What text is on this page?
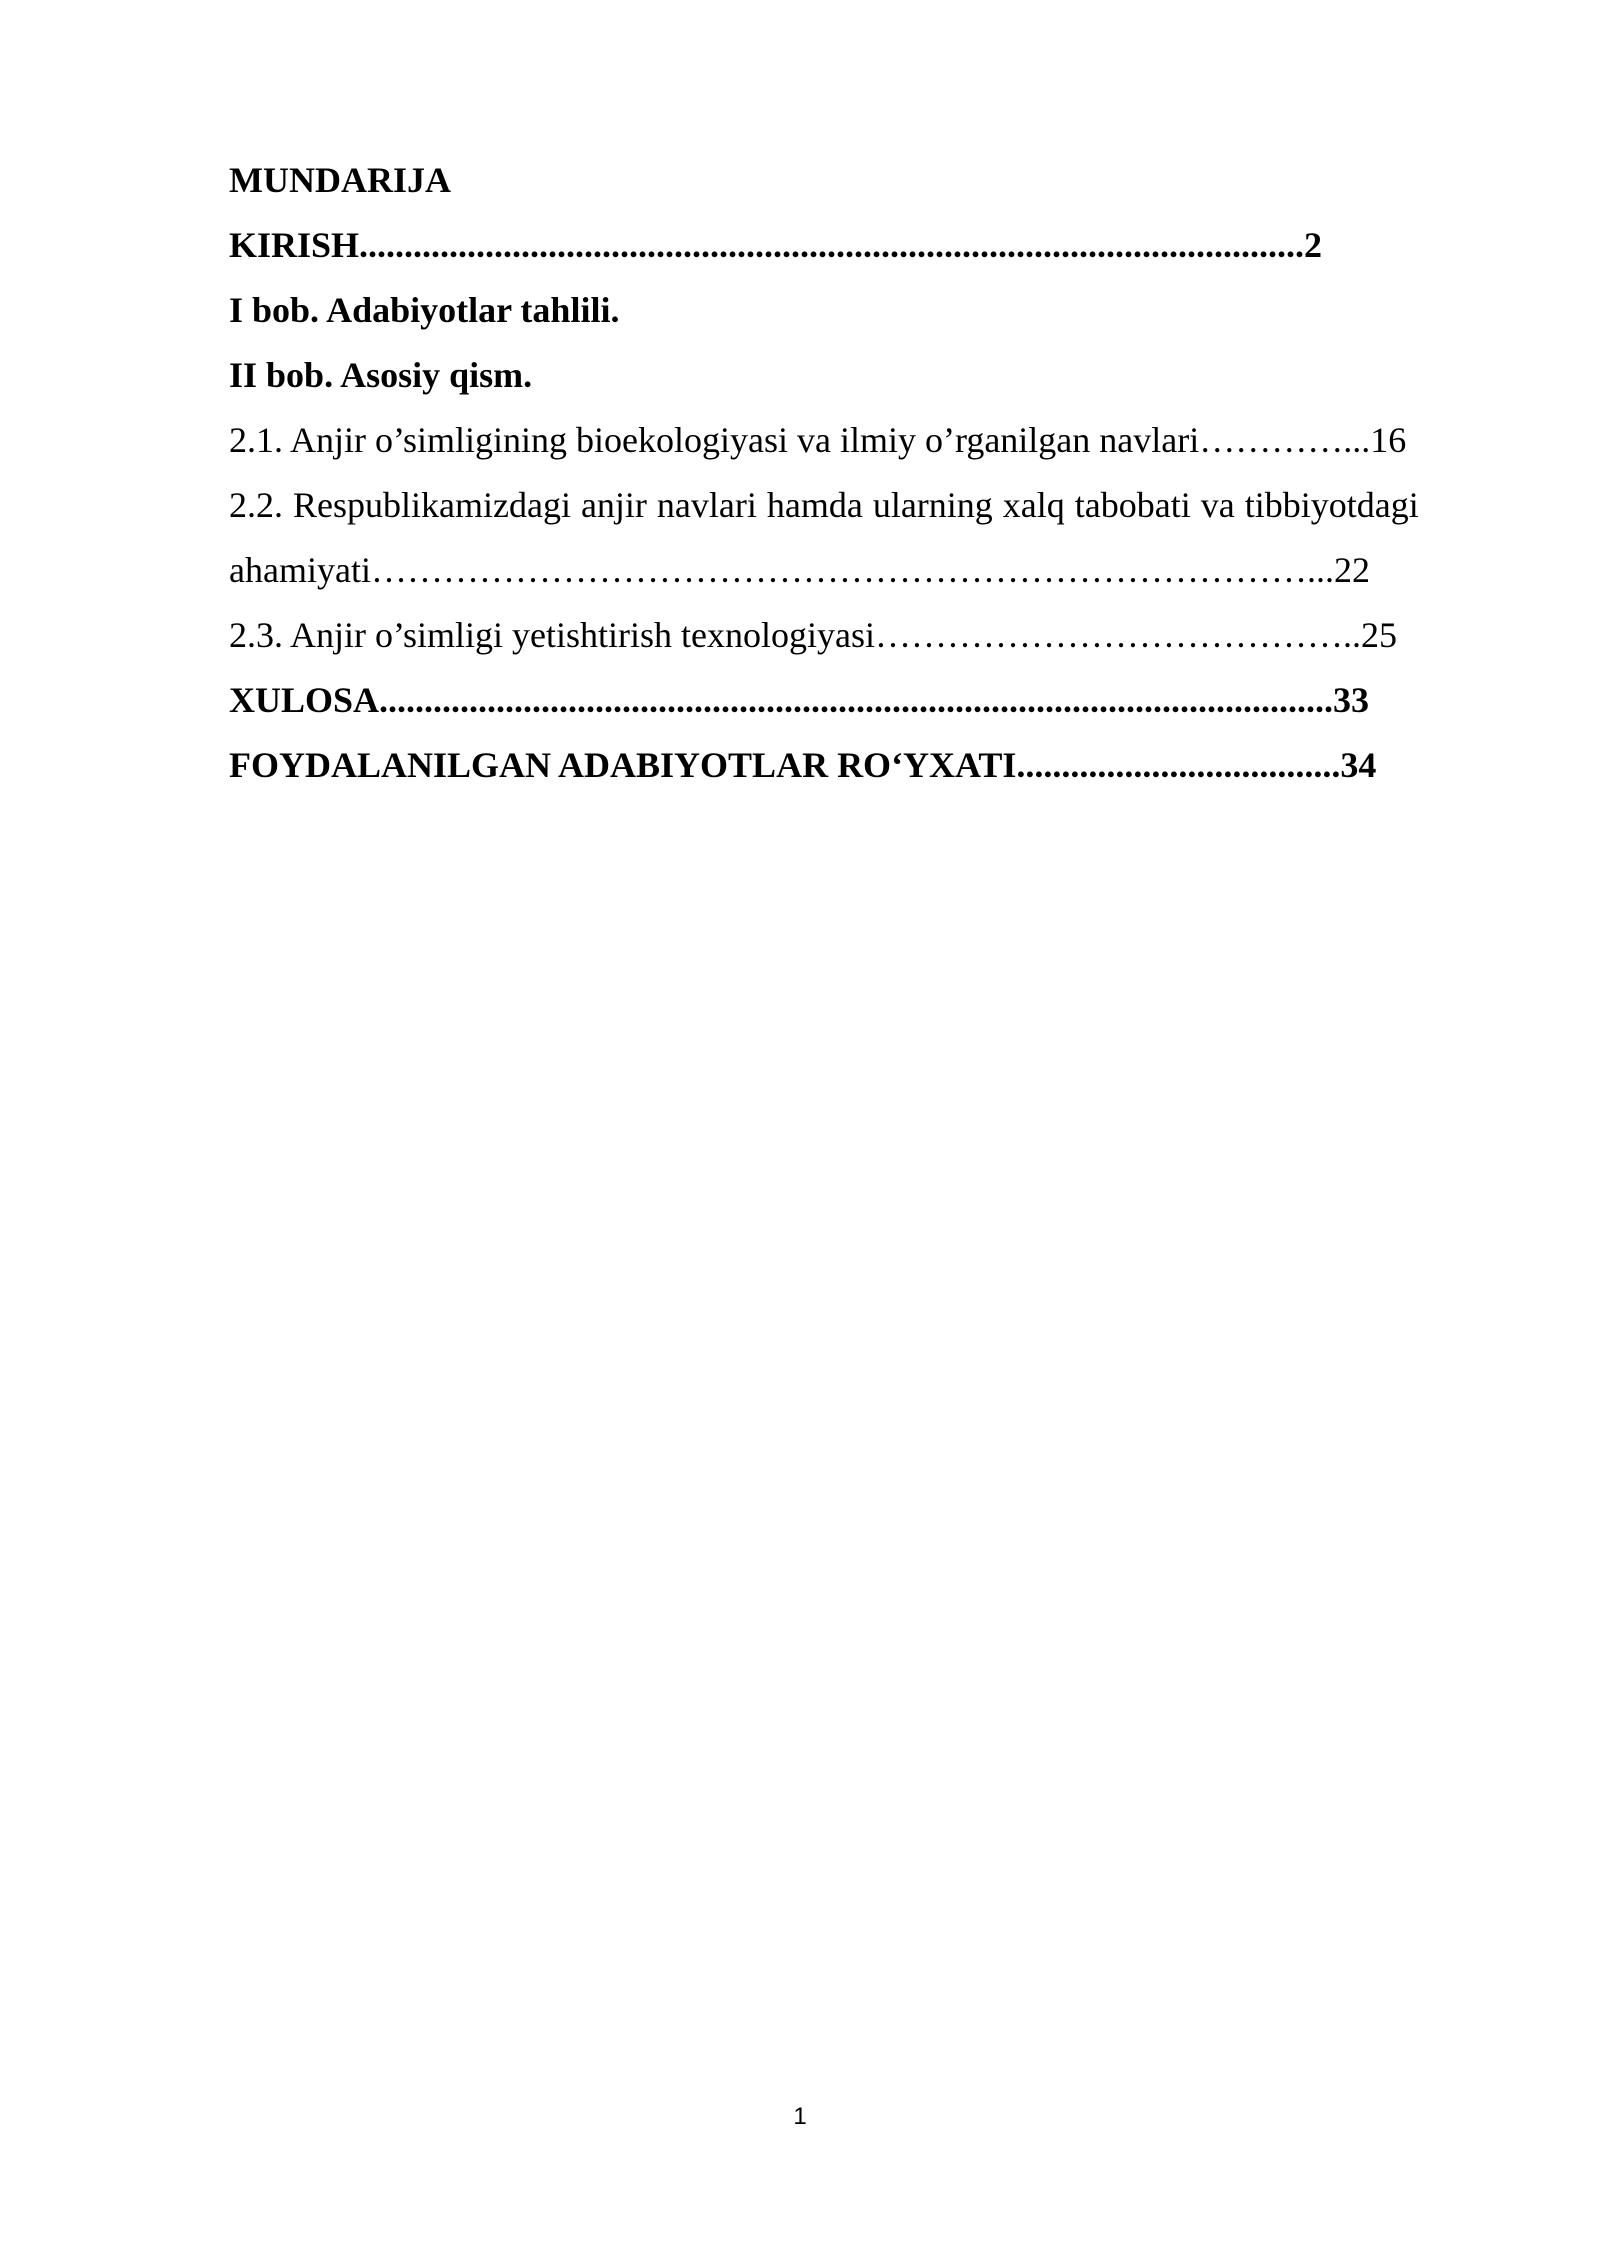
MUNDARIJA
KIRISH.........................................................................................................2
I bob. Adabiyotlar tahlili.
II bob. Asosiy qism.
2.1. Anjir o’simligining bioekologiyasi va ilmiy o’rganilgan navlari…………...16
2.2. Respublikamizdagi anjir navlari hamda ularning xalq tabobati va tibbiyotdagi
ahamiyati……………………………………………………………………...22
2.3. Anjir o’simligi yetishtirish texnologiyasi…………………………………..25
XULOSA..........................................................................................................33
FOYDALANILGAN ADABIYOTLAR RO‘YXATI....................................34
1
